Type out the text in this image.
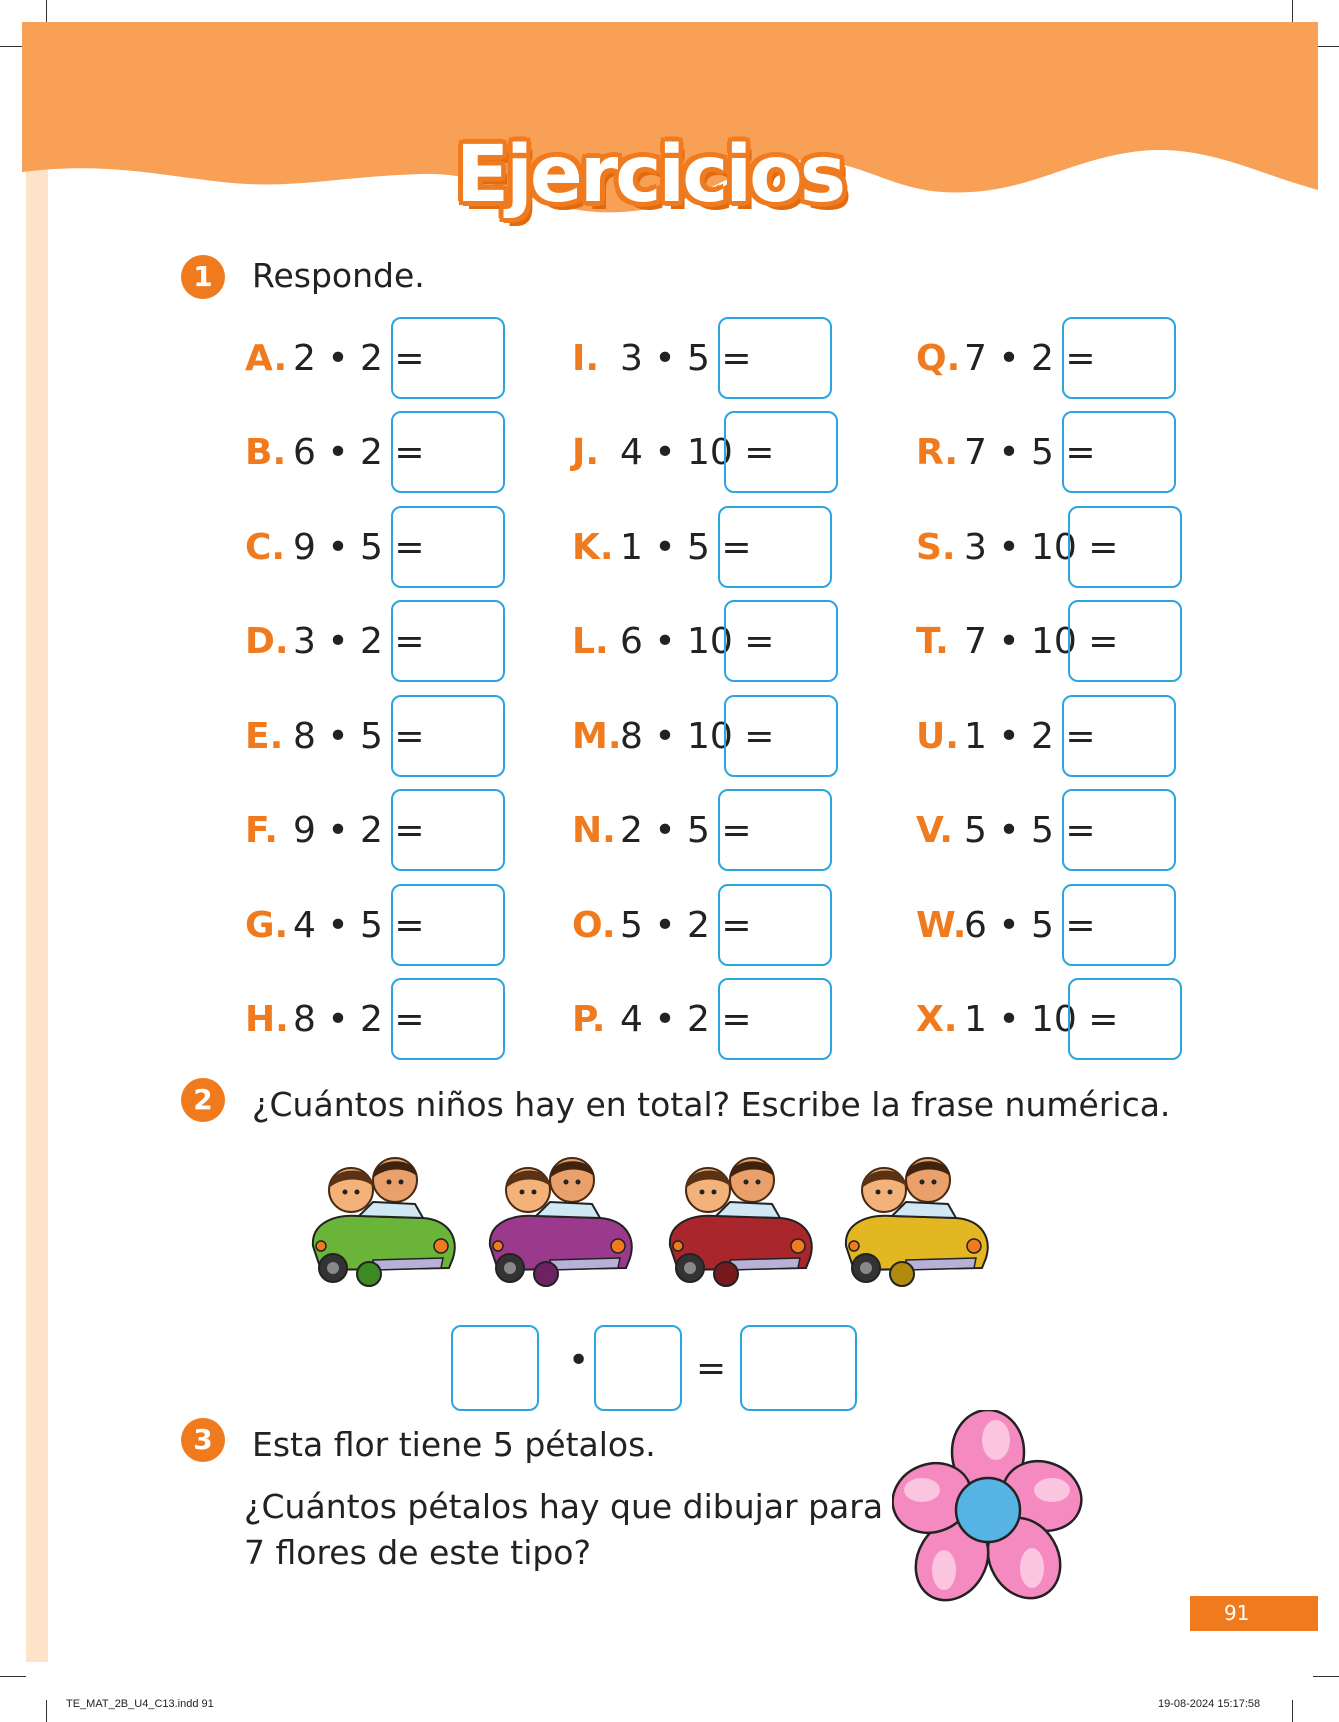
Ejercicios
1	Responde.
A. 2 • 2 =
B. 6 • 2 =
C. 9 • 5 =
D. 3 • 2 =
E. 8 • 5 =
F. 9 • 2 =
G. 4 • 5 =
H. 8 • 2 =
I. 3 • 5 =
J. 4 • 10 =
K. 1 • 5 =
L. 6 • 10 =
M.
8 • 10 =
N. 2 • 5 =
O. 5 • 2 =
P. 4 • 2 =
Q. 7 • 2 =
R. 7 • 5 =
S. 3 • 10 =
T. 7 • 10 =
U. 1 • 2 =
V. 5 • 5 =
W.
6 • 5 =
X. 1 • 10 =
2	¿Cuántos niños hay en total? Escribe la frase numérica.
•	=
3	Esta flor tiene 5 pétalos.
¿Cuántos pétalos hay que dibujar para
7 flores de este tipo?
91
TE_MAT_2B_U4_C13.indd 91	19-08-2024 15:17:58
